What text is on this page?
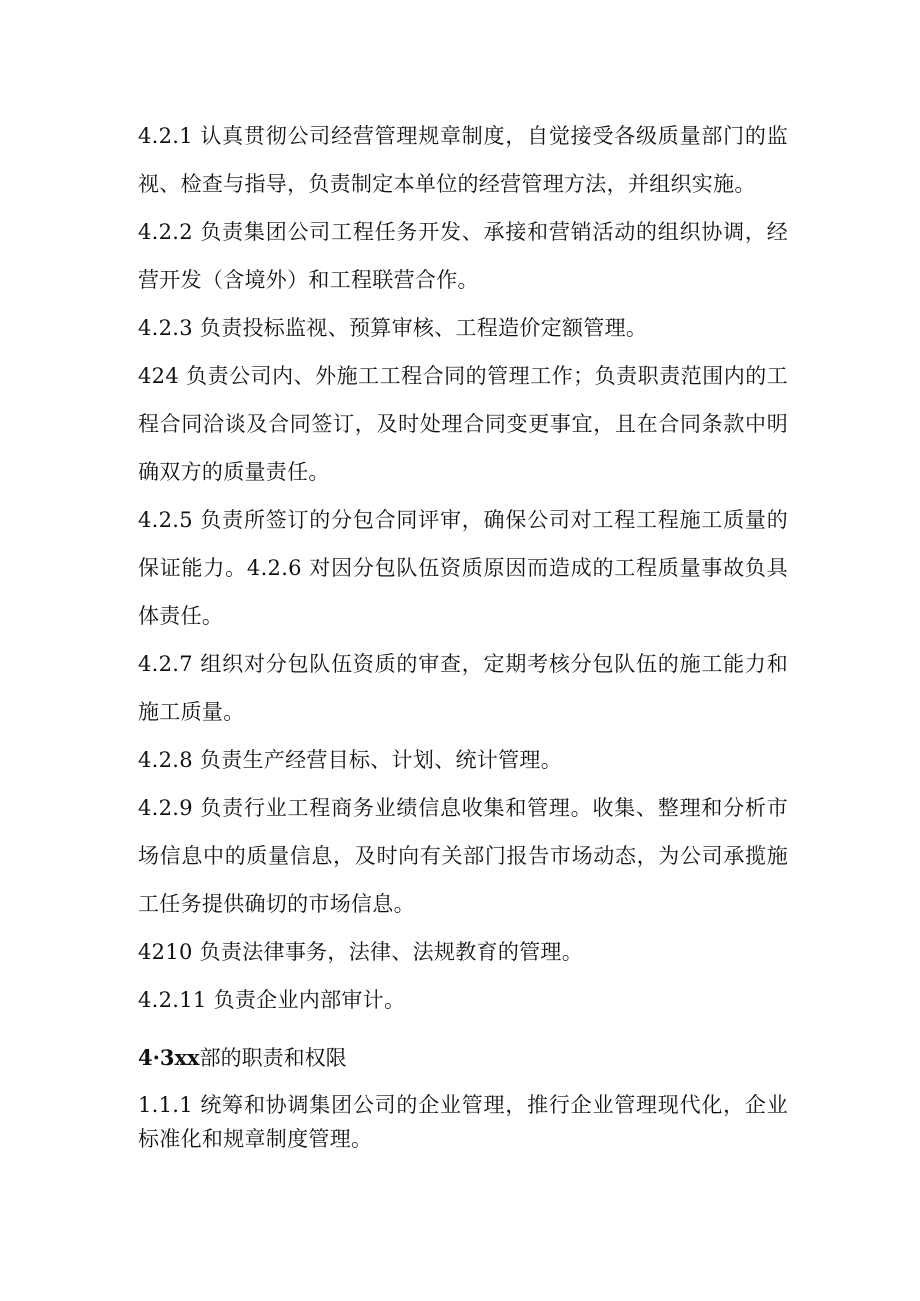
4.2.1 认真贯彻公司经营管理规章制度，自觉接受各级质量部门的监视、检查与指导，负责制定本单位的经营管理方法，并组织实施。

4.2.2 负责集团公司工程任务开发、承接和营销活动的组织协调，经营开发（含境外）和工程联营合作。

4.2.3 负责投标监视、预算审核、工程造价定额管理。

424 负责公司内、外施工工程合同的管理工作；负责职责范围内的工程合同洽谈及合同签订，及时处理合同变更事宜，且在合同条款中明确双方的质量责任。

4.2.5 负责所签订的分包合同评审，确保公司对工程工程施工质量的保证能力。4.2.6 对因分包队伍资质原因而造成的工程质量事故负具体责任。

4.2.7 组织对分包队伍资质的审查，定期考核分包队伍的施工能力和施工质量。

4.2.8 负责生产经营目标、计划、统计管理。

4.2.9 负责行业工程商务业绩信息收集和管理。收集、整理和分析市场信息中的质量信息，及时向有关部门报告市场动态，为公司承揽施工任务提供确切的市场信息。

4210 负责法律事务，法律、法规教育的管理。

4.2.11 负责企业内部审计。

4·3xx部的职责和权限

1.1.1 统筹和协调集团公司的企业管理，推行企业管理现代化，企业标准化和规章制度管理。
